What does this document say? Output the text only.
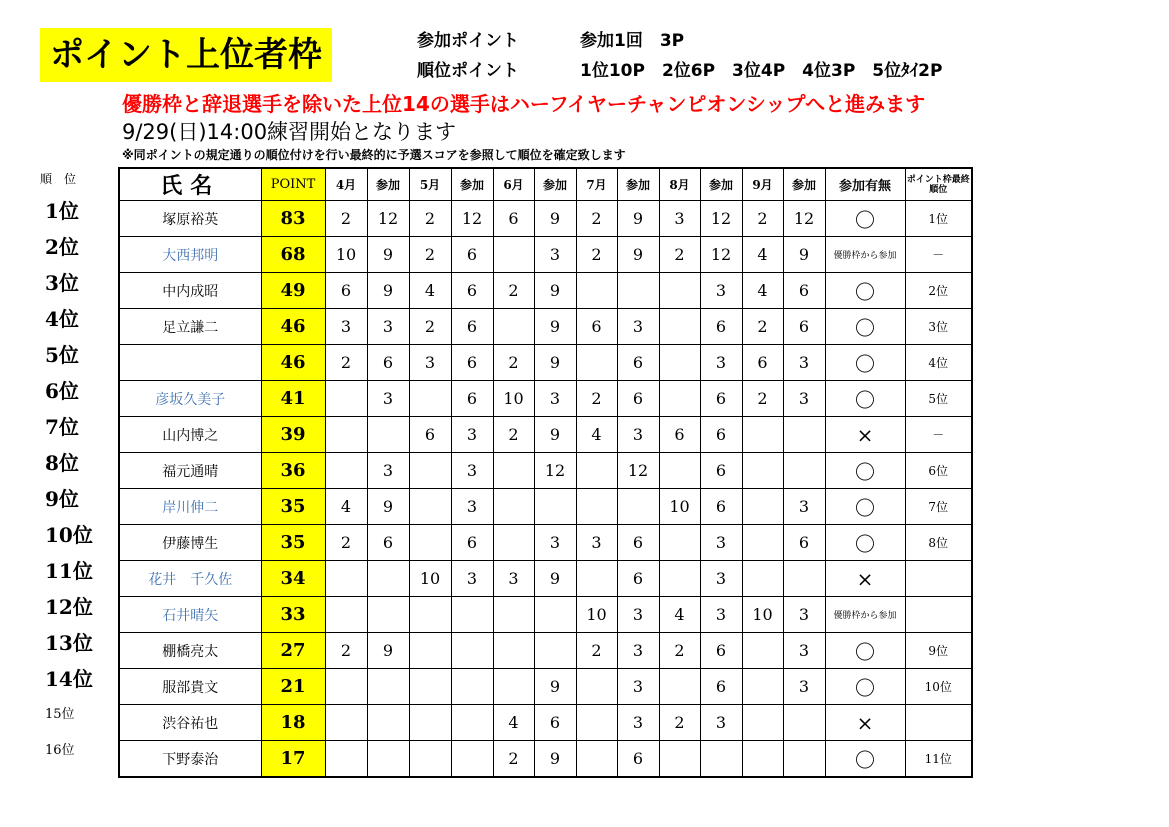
ポイント上位者枠	参加ポイント	参加1回　3P
順位ポイント	1位10P　2位6P　3位4P　4位3P　5位ﾀｲ2P
優勝枠と辞退選手を除いた上位14の選手はハーフイヤーチャンピオンシップへと進みます
9/29(日)14:00練習開始となります
※同ポイントの規定通りの順位付けを行い最終的に予選スコアを参照して順位を確定致します
順位
1位
2位
3位
4位
5位
6位
7位
8位
9位
10位
11位
12位
13位
14位
15位
16位
氏名	POINT	4月	参加	5月	参加	6月	参加	7月	参加	8月	参加	9月	参加	参加有無	ポイント枠最終順位
塚原裕英	83	2	12	2	12	6	9	2	9	3	12	2	12	〇	1位
大西邦明	68	10	9	2	6		3	2	9	2	12	4	9	優勝枠から参加	－
中内成昭	49	6	9	4	6	2	9				3	4	6	〇	2位
足立謙二	46	3	3	2	6		9	6	3		6	2	6	〇	3位
	46	2	6	3	6	2	9		6		3	6	3	〇	4位
彦坂久美子	41		3		6	10	3	2	6		6	2	3	〇	5位
山内博之	39			6	3	2	9	4	3	6	6			×	－
福元通晴	36		3		3		12		12		6			〇	6位
岸川伸二	35	4	9		3					10	6		3	〇	7位
伊藤博生	35	2	6		6		3	3	6		3		6	〇	8位
花井　千久佐	34			10	3	3	9		6		3			×	
石井晴矢	33							10	3	4	3	10	3	優勝枠から参加	
棚橋亮太	27	2	9					2	3	2	6		3	〇	9位
服部貴文	21						9		3		6		3	〇	10位
渋谷祐也	18					4	6		3	2	3			×	
下野泰治	17					2	9		6					〇	11位
